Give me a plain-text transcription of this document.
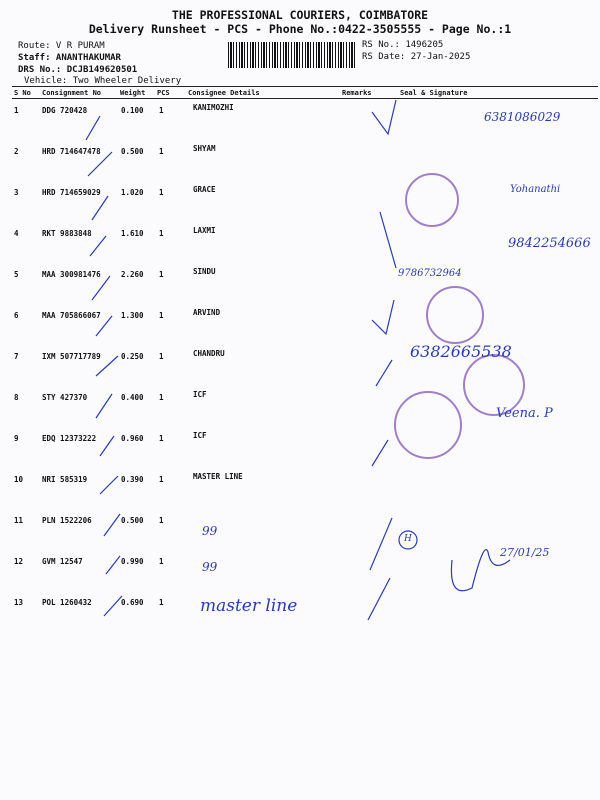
THE PROFESSIONAL COURIERS, COIMBATORE
Delivery Runsheet - PCS - Phone No.:0422-3505555 - Page No.:1
Route: V R PURAM
Staff: ANANTHAKUMAR
DRS No.: DCJB149620501
Vehicle: Two Wheeler Delivery
RS No.: 1496205
RS Date: 27-Jan-2025
S No Consignment No	Weight PCS	Consignee Details	Remarks	Seal & Signature
1	DDG 720428	0.100 1	KANIMOZHI
2	HRD 714647478	0.500 1	SHYAM
3	HRD 714659029	1.020 1	GRACE
4	RKT 9883848	1.610 1	LAXMI
5	MAA 300981476	2.260 1	SINDU
6	MAA 705866067	1.300 1	ARVIND
7	IXM 507717789	0.250 1	CHANDRU
8	STY 427370	0.400 1	ICF
9	EDQ 12373222	0.960 1	ICF
10	NRI 585319	0.390 1	MASTER LINE
11	PLN 1522206	0.500 1
12	GVM 12547	0.990 1
13	POL 1260432	0.690 1
6381086029
Yohanathi
9842254666
9786732964
6382665538
Veena. P
H
27/01/25
99
99
master line
